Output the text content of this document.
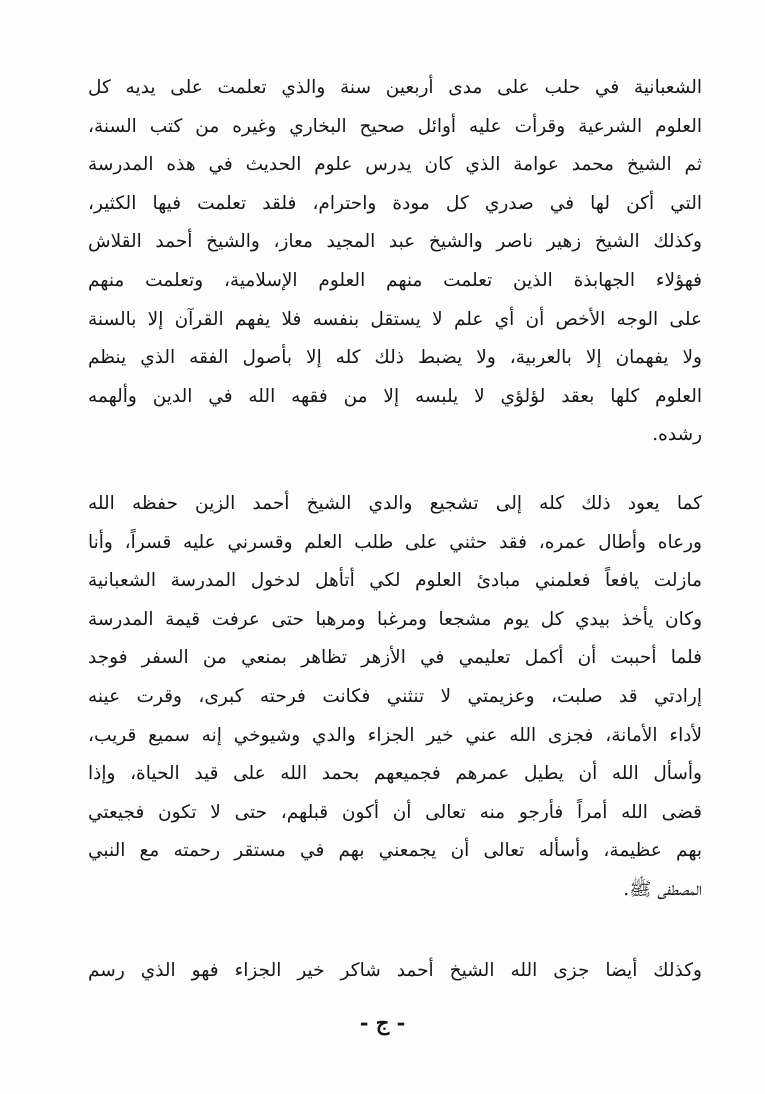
الشعبانية في حلب على مدى أربعين سنة والذي تعلمت على يديه كل
العلوم الشرعية وقرأت عليه أوائل صحيح البخاري وغيره من كتب السنة،
ثم الشيخ محمد عوامة الذي كان يدرس علوم الحديث في هذه المدرسة
التي أكن لها في صدري كل مودة واحترام، فلقد تعلمت فيها الكثير،
وكذلك الشيخ زهير ناصر والشيخ عبد المجيد معاز، والشيخ أحمد القلاش
فهؤلاء الجهابذة الذين تعلمت منهم العلوم الإسلامية، وتعلمت منهم
على الوجه الأخص أن أي علم لا يستقل بنفسه فلا يفهم القرآن إلا بالسنة
ولا يفهمان إلا بالعربية، ولا يضبط ذلك كله إلا بأصول الفقه الذي ينظم
العلوم كلها بعقد لؤلؤي لا يلبسه إلا من فقهه الله في الدين وألهمه
رشده.
كما يعود ذلك كله إلى تشجيع والدي الشيخ أحمد الزين حفظه الله
ورعاه وأطال عمره، فقد حثني على طلب العلم وقسرني عليه قسراً، وأنا
مازلت يافعاً فعلمني مبادئ العلوم لكي أتأهل لدخول المدرسة الشعبانية
وكان يأخذ بيدي كل يوم مشجعا ومرغبا ومرهبا حتى عرفت قيمة المدرسة
فلما أحببت أن أكمل تعليمي في الأزهر تظاهر بمنعي من السفر فوجد
إرادتي قد صلبت، وعزيمتي لا تنثني فكانت فرحته كبرى، وقرت عينه
لأداء الأمانة، فجزى الله عني خير الجزاء والدي وشيوخي إنه سميع قريب،
وأسأل الله أن يطيل عمرهم فجميعهم بحمد الله على قيد الحياة، وإذا
قضى الله أمراً فأرجو منه تعالى أن أكون قبلهم، حتى لا تكون فجيعتي
بهم عظيمة، وأسأله تعالى أن يجمعني بهم في مستقر رحمته مع النبي
المصطفى ﷺ.
وكذلك أيضا جزى الله الشيخ أحمد شاكر خير الجزاء فهو الذي رسم
- ج -
